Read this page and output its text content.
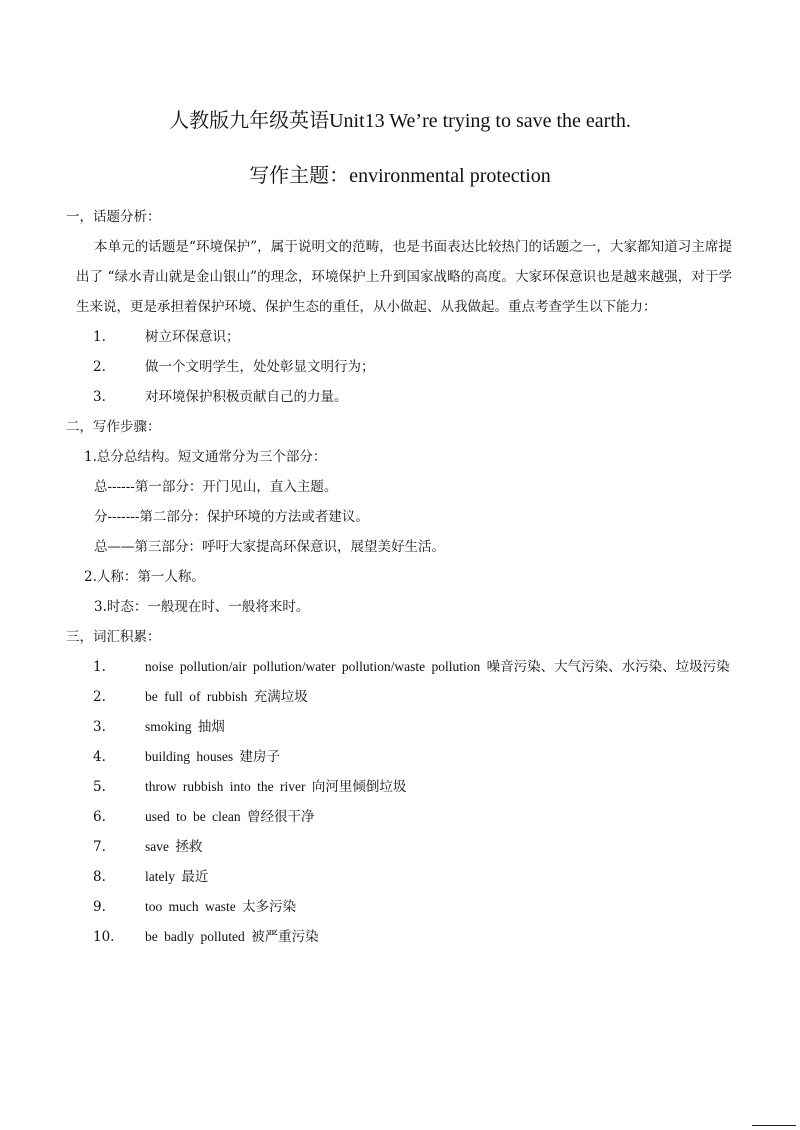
人教版九年级英语Unit13 We’re trying to save the earth.
写作主题：environmental protection
一，话题分析：
本单元的话题是“环境保护”，属于说明文的范畴，也是书面表达比较热门的话题之一，大家都知道习主席提出了 “绿水青山就是金山银山”的理念，环境保护上升到国家战略的高度。大家环保意识也是越来越强，对于学生来说，更是承担着保护环境、保护生态的重任，从小做起、从我做起。重点考查学生以下能力：
1.	树立环保意识；
2.	做一个文明学生，处处彰显文明行为；
3.	对环境保护积极贡献自己的力量。
二，写作步骤：
1.总分总结构。短文通常分为三个部分：
总------第一部分：开门见山，直入主题。
分-------第二部分：保护环境的方法或者建议。
总——第三部分：呼吁大家提高环保意识，展望美好生活。
2.人称：第一人称。
3.时态：一般现在时、一般将来时。
三，词汇积累：
1.	noise pollution/air pollution/water pollution/waste pollution 噪音污染、大气污染、水污染、垃圾污染
2.	be full of rubbish 充满垃圾
3.	smoking 抽烟
4.	building houses 建房子
5.	throw rubbish into the river 向河里倾倒垃圾
6.	used to be clean 曾经很干净
7.	save 拯救
8.	lately 最近
9.	too much waste 太多污染
10.	be badly polluted 被严重污染
